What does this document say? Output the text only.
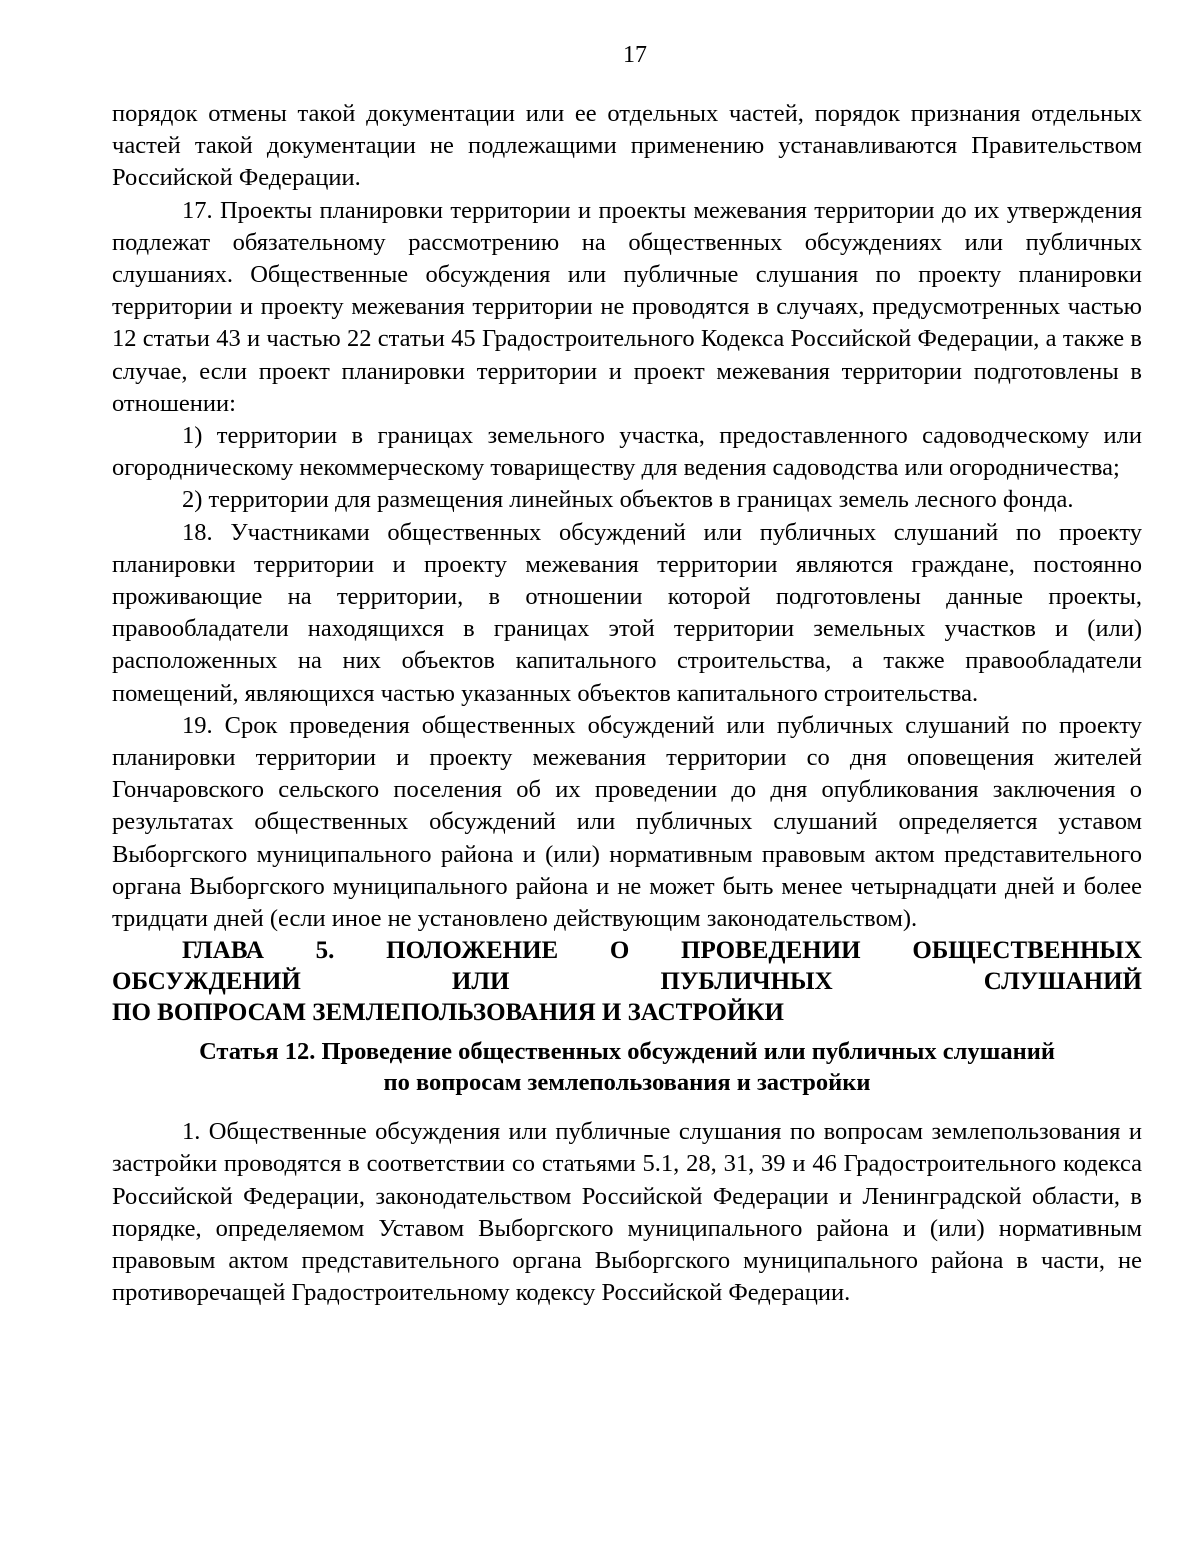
17

порядок отмены такой документации или ее отдельных частей, порядок признания отдельных частей такой документации не подлежащими применению устанавливаются Правительством Российской Федерации.

17. Проекты планировки территории и проекты межевания территории до их утверждения подлежат обязательному рассмотрению на общественных обсуждениях или публичных слушаниях. Общественные обсуждения или публичные слушания по проекту планировки территории и проекту межевания территории не проводятся в случаях, предусмотренных частью 12 статьи 43 и частью 22 статьи 45 Градостроительного Кодекса Российской Федерации, а также в случае, если проект планировки территории и проект межевания территории подготовлены в отношении:

1) территории в границах земельного участка, предоставленного садоводческому или огородническому некоммерческому товариществу для ведения садоводства или огородничества;

2) территории для размещения линейных объектов в границах земель лесного фонда.

18. Участниками общественных обсуждений или публичных слушаний по проекту планировки территории и проекту межевания территории являются граждане, постоянно проживающие на территории, в отношении которой подготовлены данные проекты, правообладатели находящихся в границах этой территории земельных участков и (или) расположенных на них объектов капитального строительства, а также правообладатели помещений, являющихся частью указанных объектов капитального строительства.

19. Срок проведения общественных обсуждений или публичных слушаний по проекту планировки территории и проекту межевания территории со дня оповещения жителей Гончаровского сельского поселения об их проведении до дня опубликования заключения о результатах общественных обсуждений или публичных слушаний определяется уставом Выборгского муниципального района и (или) нормативным правовым актом представительного органа Выборгского муниципального района и не может быть менее четырнадцати дней и более тридцати дней (если иное не установлено действующим законодательством).

ГЛАВА 5. ПОЛОЖЕНИЕ О ПРОВЕДЕНИИ ОБЩЕСТВЕННЫХ
ОБСУЖДЕНИЙ ИЛИ ПУБЛИЧНЫХ СЛУШАНИЙ
ПО ВОПРОСАМ ЗЕМЛЕПОЛЬЗОВАНИЯ И ЗАСТРОЙКИ
Статья 12. Проведение общественных обсуждений или публичных слушаний
по вопросам землепользования и застройки

1. Общественные обсуждения или публичные слушания по вопросам землепользования и застройки проводятся в соответствии со статьями 5.1, 28, 31, 39 и 46 Градостроительного кодекса Российской Федерации, законодательством Российской Федерации и Ленинградской области, в порядке, определяемом Уставом Выборгского муниципального района и (или) нормативным правовым актом представительного органа Выборгского муниципального района в части, не противоречащей Градостроительному кодексу Российской Федерации.
